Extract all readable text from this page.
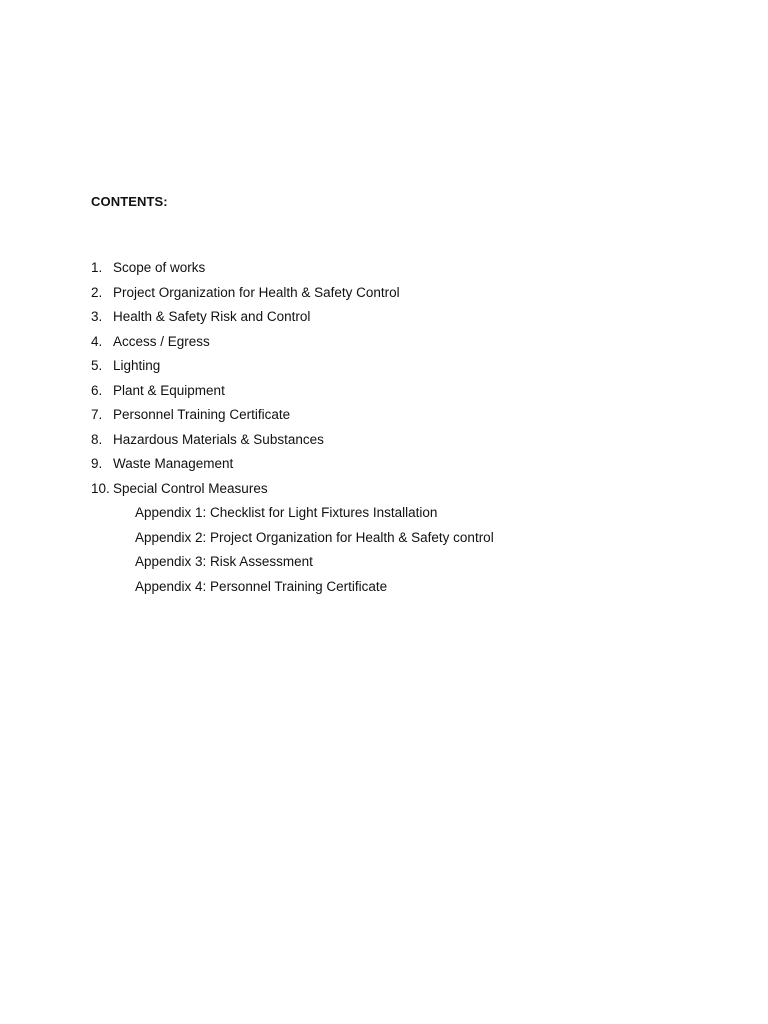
CONTENTS:
1. Scope of works
2. Project Organization for Health & Safety Control
3. Health & Safety Risk and Control
4. Access / Egress
5. Lighting
6. Plant & Equipment
7. Personnel Training Certificate
8. Hazardous Materials & Substances
9. Waste Management
10. Special Control Measures
Appendix 1: Checklist for Light Fixtures Installation
Appendix 2: Project Organization for Health & Safety control
Appendix 3: Risk Assessment
Appendix 4: Personnel Training Certificate
